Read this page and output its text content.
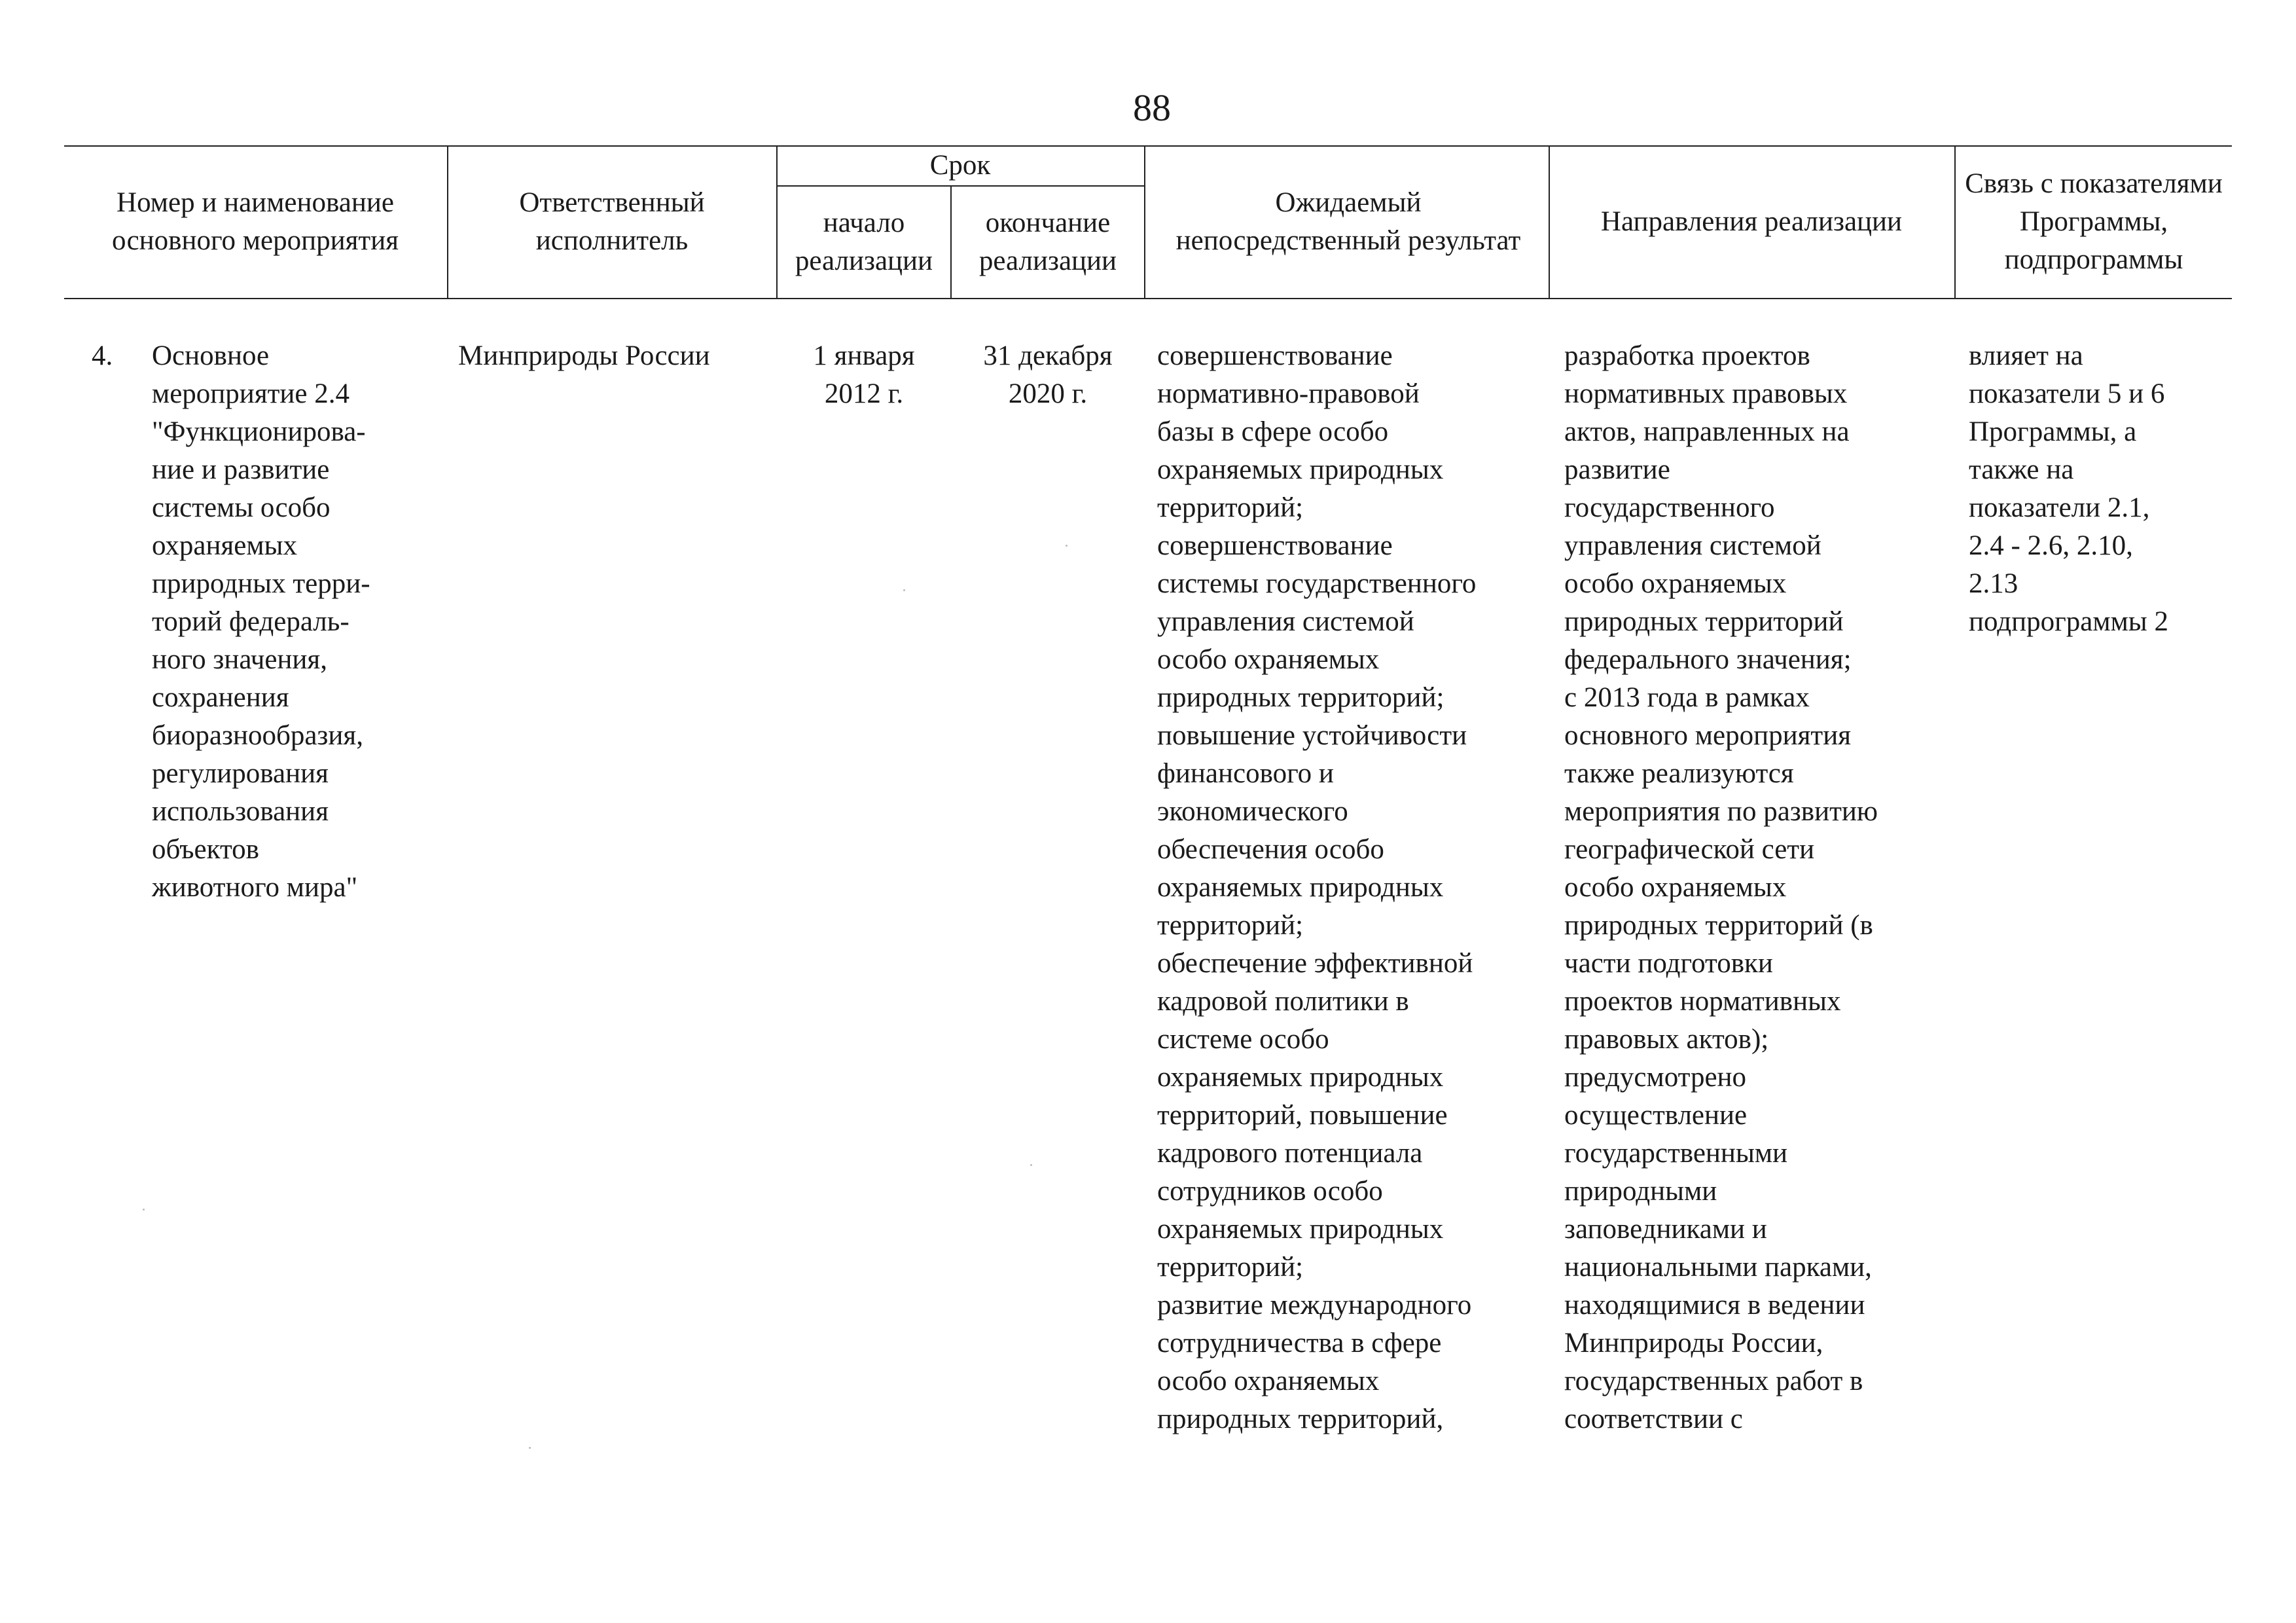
88
Номер и наименование основного мероприятия
Ответственный исполнитель
Срок
начало реализации
окончание реализации
Ожидаемый непосредственный результат
Направления реализации
Связь с показателями Программы, подпрограммы
4. Основное
мероприятие 2.4
"Функционирова-
ние и развитие
системы особо
охраняемых
природных терри-
торий федераль-
ного значения,
сохранения
биоразнообразия,
регулирования
использования
объектов
животного мира"
Минприроды России	1 января
2012 г.
31 декабря
2020 г.
совершенствование
нормативно-правовой
базы в сфере особо
охраняемых природных
территорий;
совершенствование
системы государственного
управления системой
особо охраняемых
природных территорий;
повышение устойчивости
финансового и
экономического
обеспечения особо
охраняемых природных
территорий;
обеспечение эффективной
кадровой политики в
системе особо
охраняемых природных
территорий, повышение
кадрового потенциала
сотрудников особо
охраняемых природных
территорий;
развитие международного
сотрудничества в сфере
особо охраняемых
природных территорий,
разработка проектов
нормативных правовых
актов, направленных на
развитие
государственного
управления системой
особо охраняемых
природных территорий
федерального значения;
с 2013 года в рамках
основного мероприятия
также реализуются
мероприятия по развитию
географической сети
особо охраняемых
природных территорий (в
части подготовки
проектов нормативных
правовых актов);
предусмотрено
осуществление
государственными
природными
заповедниками и
национальными парками,
находящимися в ведении
Минприроды России,
государственных работ в
соответствии с
влияет на
показатели 5 и 6
Программы, а
также на
показатели 2.1,
2.4 - 2.6, 2.10,
2.13
подпрограммы 2
